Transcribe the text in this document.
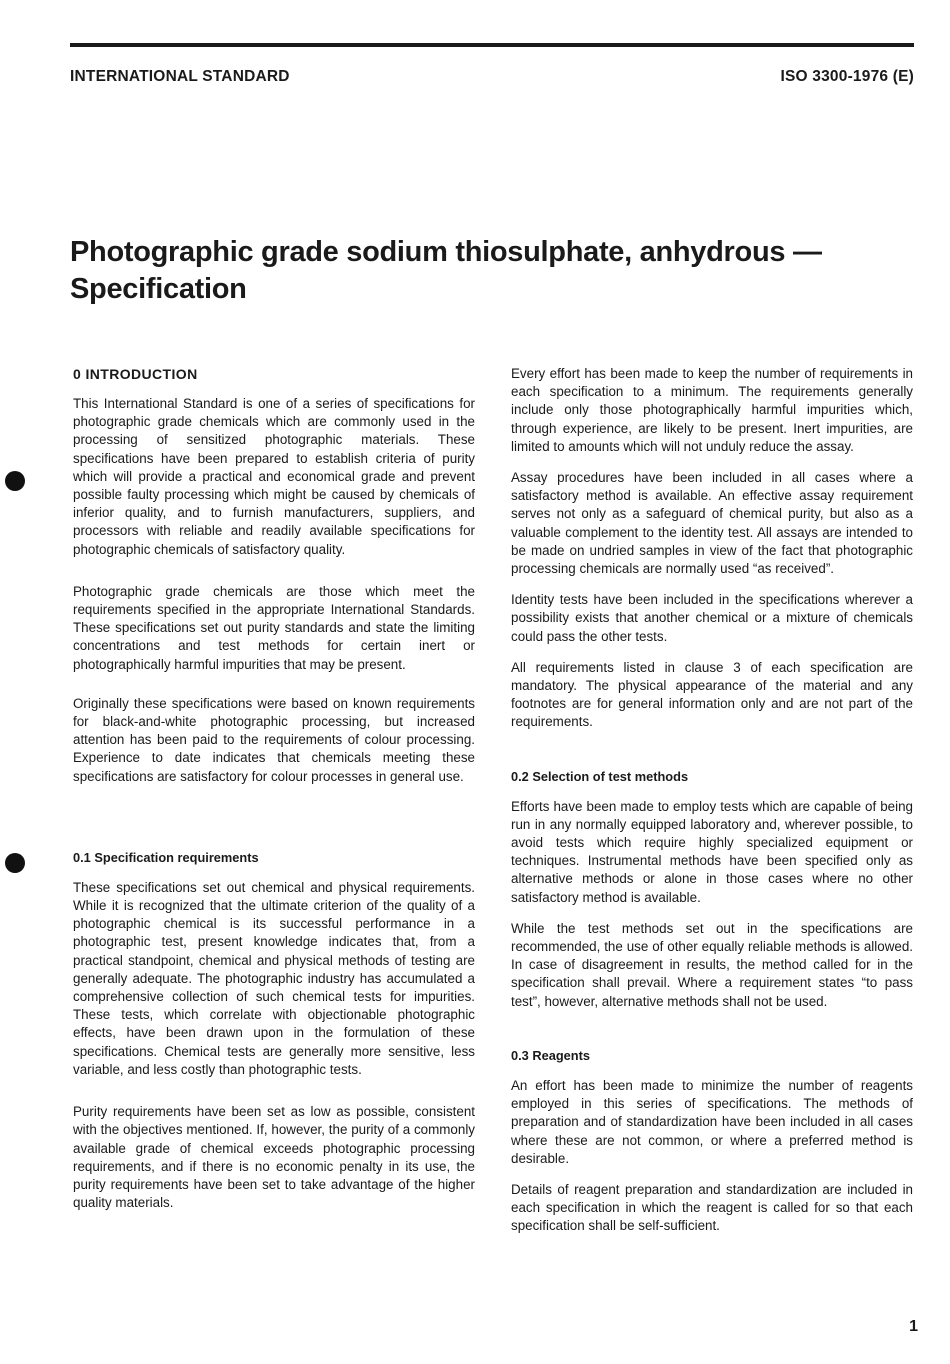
INTERNATIONAL STANDARD	ISO 3300-1976 (E)
Photographic grade sodium thiosulphate, anhydrous —
Specification
0 INTRODUCTION

This International Standard is one of a series of specifications for photographic grade chemicals which are commonly used in the processing of sensitized photographic materials. These specifications have been prepared to establish criteria of purity which will provide a practical and economical grade and prevent possible faulty processing which might be caused by chemicals of inferior quality, and to furnish manufacturers, suppliers, and processors with reliable and readily available specifications for photographic chemicals of satisfactory quality.

Photographic grade chemicals are those which meet the requirements specified in the appropriate International Standards. These specifications set out purity standards and state the limiting concentrations and test methods for certain inert or photographically harmful impurities that may be present.

Originally these specifications were based on known requirements for black-and-white photographic processing, but increased attention has been paid to the requirements of colour processing. Experience to date indicates that chemicals meeting these specifications are satisfactory for colour processes in general use.

0.1 Specification requirements

These specifications set out chemical and physical requirements. While it is recognized that the ultimate criterion of the quality of a photographic chemical is its successful performance in a photographic test, present knowledge indicates that, from a practical standpoint, chemical and physical methods of testing are generally adequate. The photographic industry has accumulated a comprehensive collection of such chemical tests for impurities. These tests, which correlate with objectionable photographic effects, have been drawn upon in the formulation of these specifications. Chemical tests are generally more sensitive, less variable, and less costly than photographic tests.

Purity requirements have been set as low as possible, consistent with the objectives mentioned. If, however, the purity of a commonly available grade of chemical exceeds photographic processing requirements, and if there is no economic penalty in its use, the purity requirements have been set to take advantage of the higher quality materials.

Every effort has been made to keep the number of requirements in each specification to a minimum. The requirements generally include only those photographically harmful impurities which, through experience, are likely to be present. Inert impurities, are limited to amounts which will not unduly reduce the assay.

Assay procedures have been included in all cases where a satisfactory method is available. An effective assay requirement serves not only as a safeguard of chemical purity, but also as a valuable complement to the identity test. All assays are intended to be made on undried samples in view of the fact that photographic processing chemicals are normally used “as received”.

Identity tests have been included in the specifications wherever a possibility exists that another chemical or a mixture of chemicals could pass the other tests.

All requirements listed in clause 3 of each specification are mandatory. The physical appearance of the material and any footnotes are for general information only and are not part of the requirements.

0.2 Selection of test methods

Efforts have been made to employ tests which are capable of being run in any normally equipped laboratory and, wherever possible, to avoid tests which require highly specialized equipment or techniques. Instrumental methods have been specified only as alternative methods or alone in those cases where no other satisfactory method is available.

While the test methods set out in the specifications are recommended, the use of other equally reliable methods is allowed. In case of disagreement in results, the method called for in the specification shall prevail. Where a requirement states “to pass test”, however, alternative methods shall not be used.

0.3 Reagents

An effort has been made to minimize the number of reagents employed in this series of specifications. The methods of preparation and of standardization have been included in all cases where these are not common, or where a preferred method is desirable.

Details of reagent preparation and standardization are included in each specification in which the reagent is called for so that each specification shall be self-sufficient.

1
